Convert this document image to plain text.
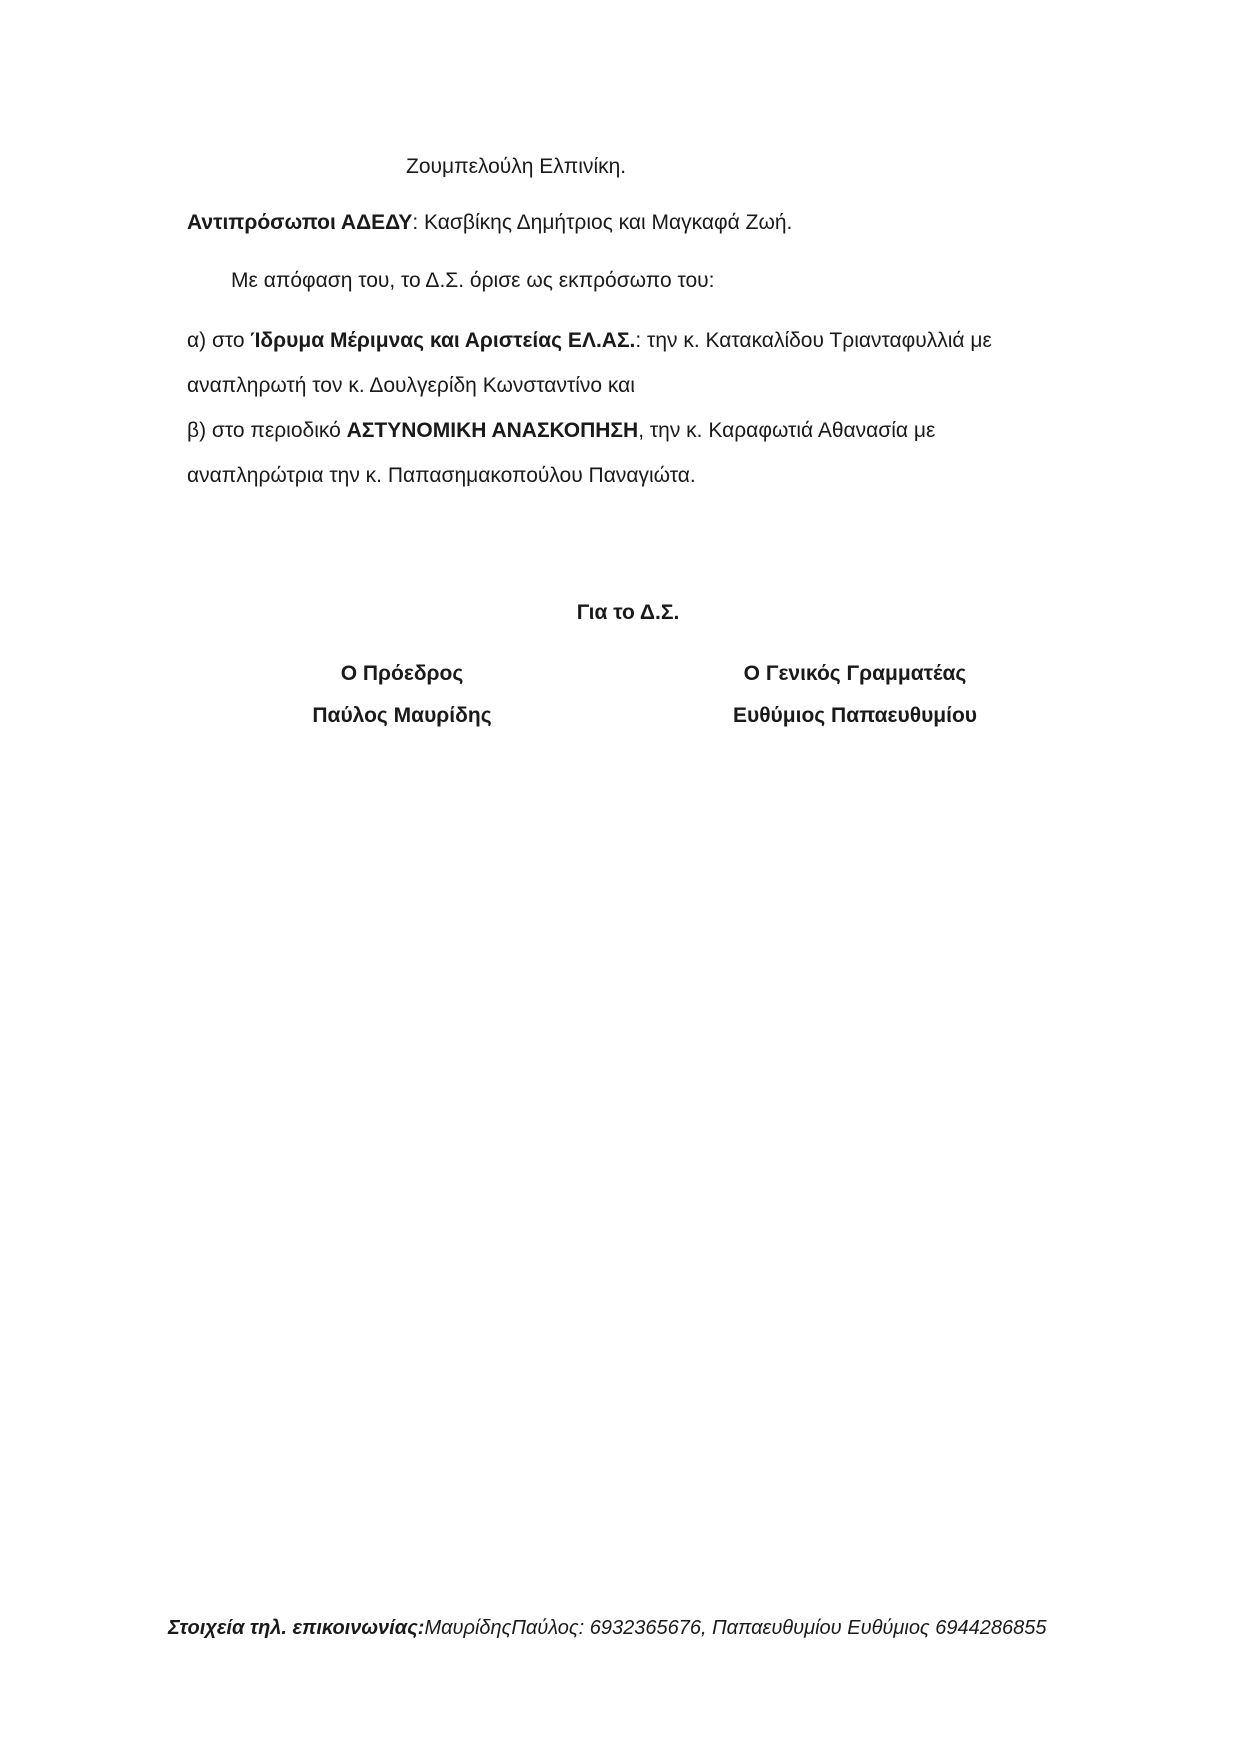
Ζουμπελούλη Ελπινίκη.
Αντιπρόσωποι ΑΔΕΔΥ: Κασβίκης Δημήτριος και Μαγκαφά Ζωή.
Με απόφαση του, το Δ.Σ. όρισε ως εκπρόσωπο του:
α) στο Ίδρυμα Μέριμνας και Αριστείας ΕΛ.ΑΣ.: την κ. Κατακαλίδου Τριανταφυλλιά με
αναπληρωτή τον κ. Δουλγερίδη Κωνσταντίνο και
β) στο περιοδικό ΑΣΤΥΝΟΜΙΚΗ ΑΝΑΣΚΟΠΗΣΗ, την κ. Καραφωτιά Αθανασία με
αναπληρώτρια την κ. Παπασημακοπούλου Παναγιώτα.
Για το Δ.Σ.
Ο Πρόεδρος	Ο Γενικός Γραμματέας
Παύλος Μαυρίδης	Ευθύμιος Παπαευθυμίου
Στοιχεία τηλ. επικοινωνίας:ΜαυρίδηςΠαύλος: 6932365676, Παπαευθυμίου Ευθύμιος 6944286855
